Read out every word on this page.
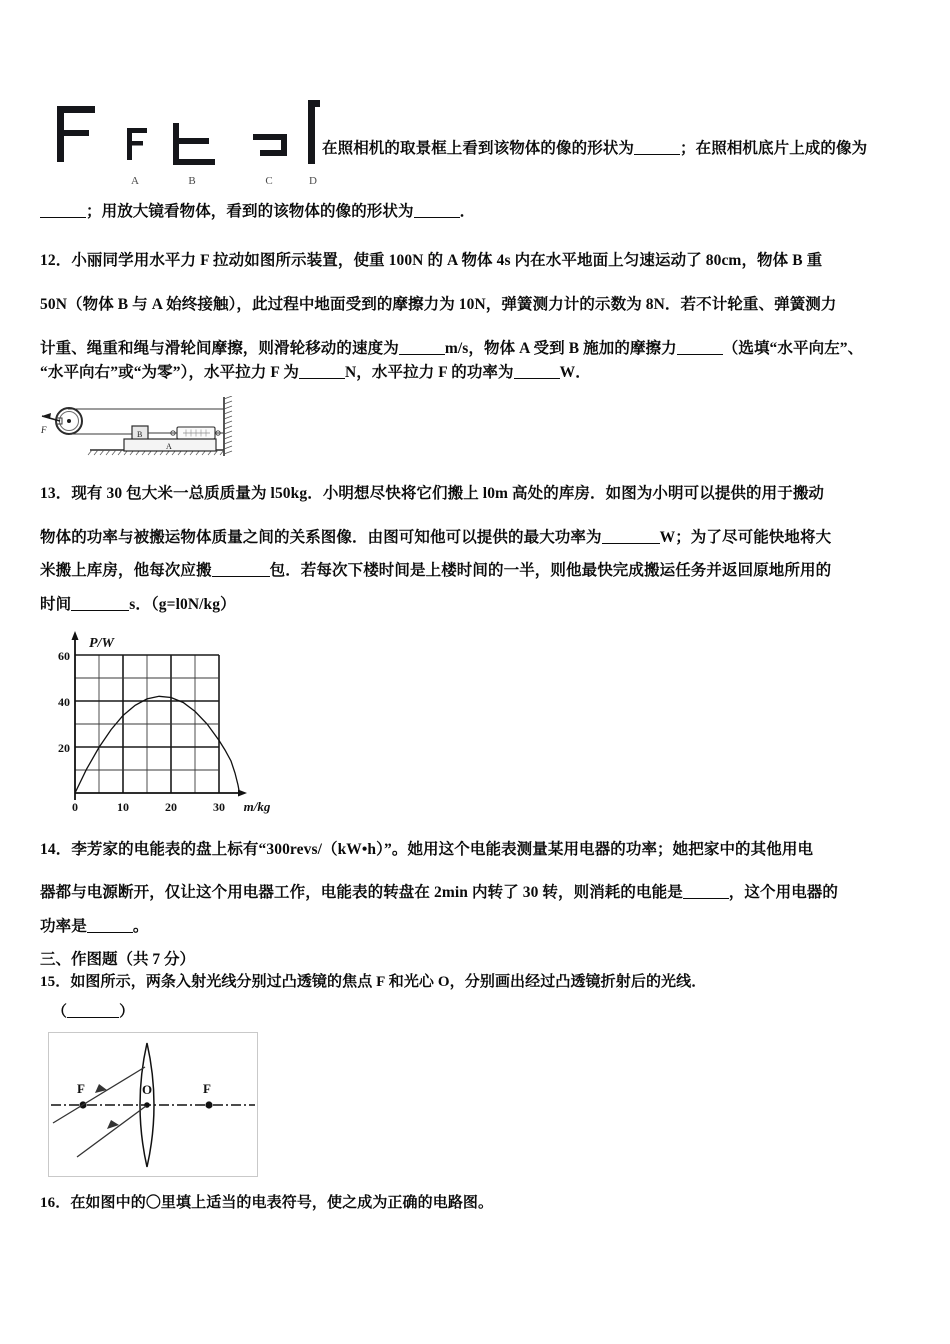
A	B	C	D
在照相机的取景框上看到该物体的像的形状为	；在照相机底片上成的像为
；用放大镜看物体，看到的该物体的像的形状为	．
12．小丽同学用水平力 F 拉动如图所示装置，使重 100N 的 A 物体 4s 内在水平地面上匀速运动了 80cm，物体 B 重
50N（物体 B 与 A 始终接触），此过程中地面受到的摩擦力为 10N，弹簧测力计的示数为 8N．若不计轮重、弹簧测力
计重、绳重和绳与滑轮间摩擦，则滑轮移动的速度为	m/s，物体 A 受到 B 施加的摩擦力	（选填“水平向左”、
“水平向右”或“为零”），水平拉力 F 为	N，水平拉力 F 的功率为	W．
F	B
A
13．现有 30 包大米一总质质量为 l50kg．小明想尽快将它们搬上 l0m 高处的库房．如图为小明可以提供的用于搬动
物体的功率与被搬运物体质量之间的关系图像．由图可知他可以提供的最大功率为	W；为了尽可能快地将大
米搬上库房，他每次应搬	包．若每次下楼时间是上楼时间的一半，则他最快完成搬运任务并返回原地所用的
时间	s．（g=l0N/kg）
60
40
20
0	10	20	30
P/W
m/kg
14．李芳家的电能表的盘上标有“300revs/（kW•h）”。她用这个电能表测量某用电器的功率；她把家中的其他用电
器都与电源断开，仅让这个用电器工作，电能表的转盘在 2min 内转了 30 转，则消耗的电能是	，这个用电器的
功率是	。
三、作图题（共 7 分）
15．如图所示，两条入射光线分别过凸透镜的焦点 F 和光心 O，分别画出经过凸透镜折射后的光线．
（	）
F	O	F
16．在如图中的〇里填上适当的电表符号，使之成为正确的电路图。
